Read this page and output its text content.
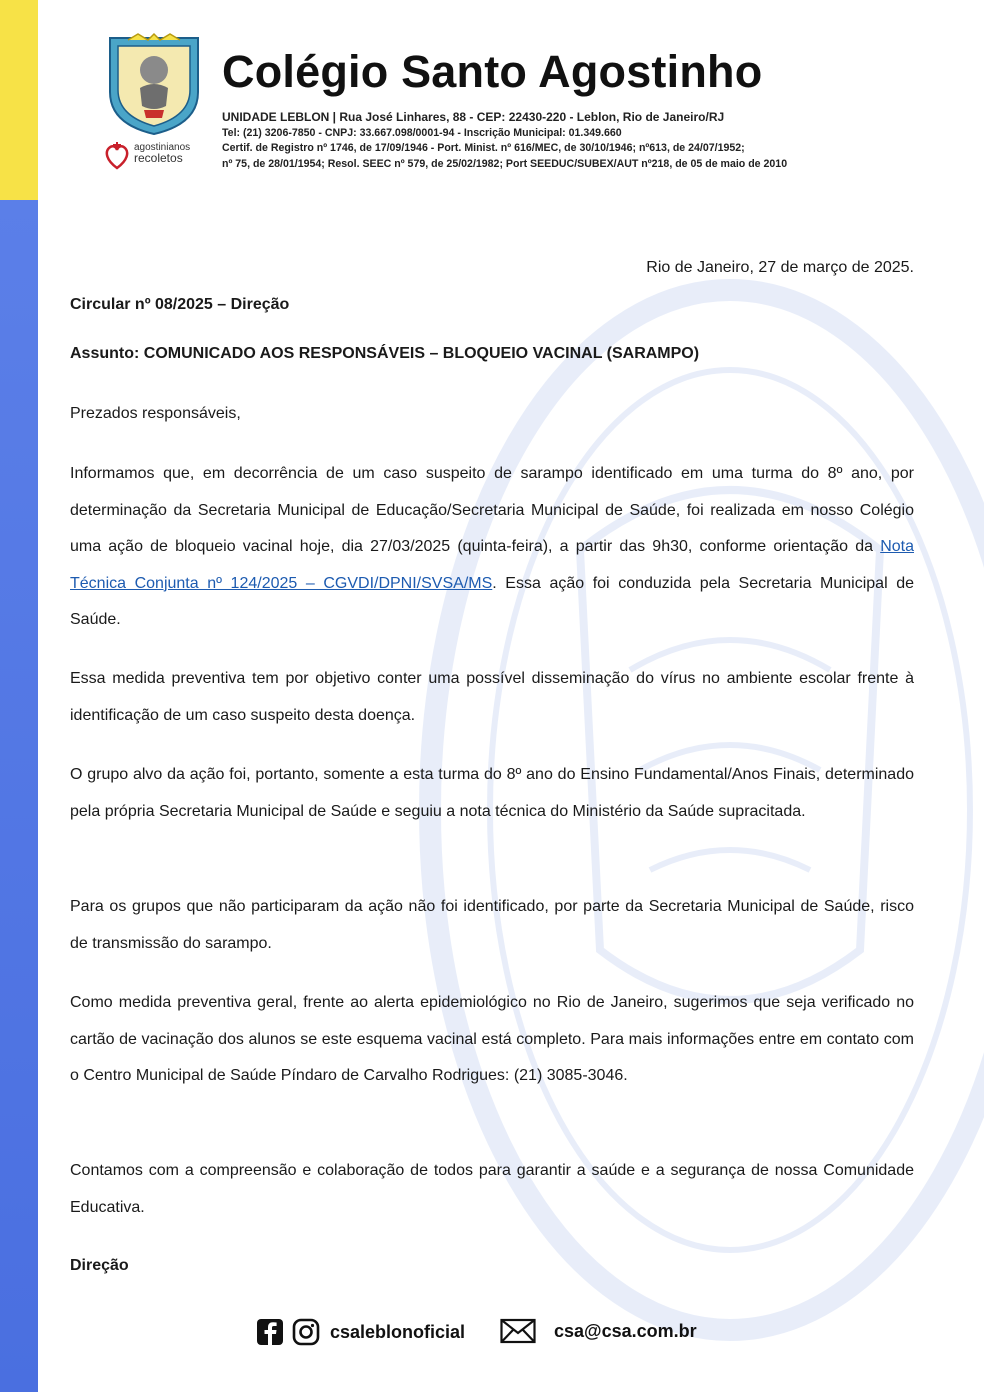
agostinianos
recoletos
Colégio Santo Agostinho
UNIDADE LEBLON | Rua José Linhares, 88 - CEP: 22430-220 - Leblon, Rio de Janeiro/RJ
Tel: (21) 3206-7850 - CNPJ: 33.667.098/0001-94 - Inscrição Municipal: 01.349.660
Certif. de Registro nº 1746, de 17/09/1946 - Port. Minist. nº 616/MEC, de 30/10/1946; nº613, de 24/07/1952;
nº 75, de 28/01/1954; Resol. SEEC nº 579, de 25/02/1982; Port SEEDUC/SUBEX/AUT nº218, de 05 de maio de 2010
Rio de Janeiro, 27 de março de 2025.
Circular nº 08/2025 – Direção
Assunto: COMUNICADO AOS RESPONSÁVEIS – BLOQUEIO VACINAL (SARAMPO)
Prezados responsáveis,
Informamos que, em decorrência de um caso suspeito de sarampo identificado em uma turma do 8º ano, por determinação da Secretaria Municipal de Educação/Secretaria Municipal de Saúde, foi realizada em nosso Colégio uma ação de bloqueio vacinal hoje, dia 27/03/2025 (quinta-feira), a partir das 9h30, conforme orientação da Nota Técnica Conjunta nº 124/2025 – CGVDI/DPNI/SVSA/MS. Essa ação foi conduzida pela Secretaria Municipal de Saúde.
Essa medida preventiva tem por objetivo conter uma possível disseminação do vírus no ambiente escolar frente à identificação de um caso suspeito desta doença.
O grupo alvo da ação foi, portanto, somente a esta turma do 8º ano do Ensino Fundamental/Anos Finais, determinado pela própria Secretaria Municipal de Saúde e seguiu a nota técnica do Ministério da Saúde supracitada.
Para os grupos que não participaram da ação não foi identificado, por parte da Secretaria Municipal de Saúde, risco de transmissão do sarampo.
Como medida preventiva geral, frente ao alerta epidemiológico no Rio de Janeiro, sugerimos que seja verificado no cartão de vacinação dos alunos se este esquema vacinal está completo. Para mais informações entre em contato com o Centro Municipal de Saúde Píndaro de Carvalho Rodrigues: (21) 3085-3046.
Contamos com a compreensão e colaboração de todos para garantir a saúde e a segurança de nossa Comunidade Educativa.
Direção
csaleblonoficial	csa@csa.com.br
